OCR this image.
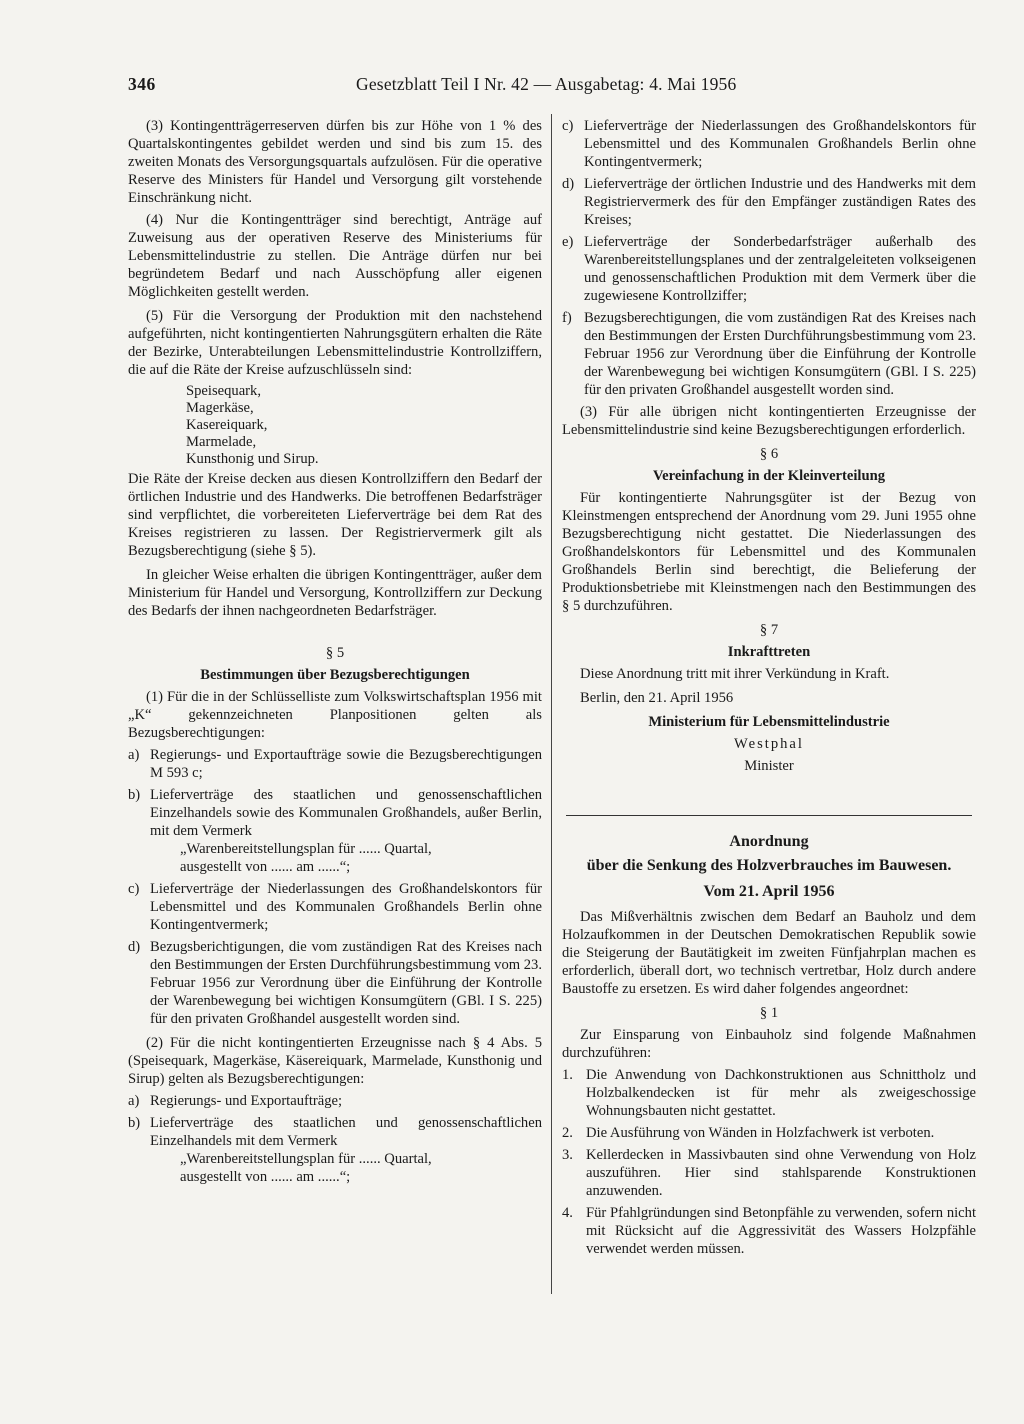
346	Gesetzblatt Teil I Nr. 42 — Ausgabetag: 4. Mai 1956

(3) Kontingentträgerreserven dürfen bis zur Höhe von 1 % des Quartalskontingentes gebildet werden und sind bis zum 15. des zweiten Monats des Versorgungsquartals aufzulösen. Für die operative Reserve des Ministers für Handel und Versorgung gilt vorstehende Einschränkung nicht.

(4) Nur die Kontingentträger sind berechtigt, Anträge auf Zuweisung aus der operativen Reserve des Ministeriums für Lebensmittelindustrie zu stellen. Die Anträge dürfen nur bei begründetem Bedarf und nach Ausschöpfung aller eigenen Möglichkeiten gestellt werden.

(5) Für die Versorgung der Produktion mit den nachstehend aufgeführten, nicht kontingentierten Nahrungsgütern erhalten die Räte der Bezirke, Unterabteilungen Lebensmittelindustrie Kontrollziffern, die auf die Räte der Kreise aufzuschlüsseln sind:

Speisequark,
Magerkäse,
Kasereiquark,
Marmelade,
Kunsthonig und Sirup.

Die Räte der Kreise decken aus diesen Kontrollziffern den Bedarf der örtlichen Industrie und des Handwerks. Die betroffenen Bedarfsträger sind verpflichtet, die vorbereiteten Lieferverträge bei dem Rat des Kreises registrieren zu lassen. Der Registriervermerk gilt als Bezugsberechtigung (siehe § 5).

In gleicher Weise erhalten die übrigen Kontingentträger, außer dem Ministerium für Handel und Versorgung, Kontrollziffern zur Deckung des Bedarfs der ihnen nachgeordneten Bedarfsträger.

§ 5

Bestimmungen über Bezugsberechtigungen

(1) Für die in der Schlüsselliste zum Volkswirtschaftsplan 1956 mit „K“ gekennzeichneten Planpositionen gelten als Bezugsberechtigungen:

a) Regierungs- und Exportaufträge sowie die Bezugsberechtigungen M 593 c;
b) Lieferverträge des staatlichen und genossenschaftlichen Einzelhandels sowie des Kommunalen Großhandels, außer Berlin, mit dem Vermerk
„Warenbereitstellungsplan für ...... Quartal,
ausgestellt von ...... am ......“;
c) Lieferverträge der Niederlassungen des Großhandelskontors für Lebensmittel und des Kommunalen Großhandels Berlin ohne Kontingentvermerk;
d) Bezugsberichtigungen, die vom zuständigen Rat des Kreises nach den Bestimmungen der Ersten Durchführungsbestimmung vom 23. Februar 1956 zur Verordnung über die Einführung der Kontrolle der Warenbewegung bei wichtigen Konsumgütern (GBl. I S. 225) für den privaten Großhandel ausgestellt worden sind.

(2) Für die nicht kontingentierten Erzeugnisse nach § 4 Abs. 5 (Speisequark, Magerkäse, Käsereiquark, Marmelade, Kunsthonig und Sirup) gelten als Bezugsberechtigungen:

a) Regierungs- und Exportaufträge;
b) Lieferverträge des staatlichen und genossenschaftlichen Einzelhandels mit dem Vermerk
„Warenbereitstellungsplan für ...... Quartal,
ausgestellt von ...... am ......“;
c) Lieferverträge der Niederlassungen des Großhandelskontors für Lebensmittel und des Kommunalen Großhandels Berlin ohne Kontingentvermerk;
d) Lieferverträge der örtlichen Industrie und des Handwerks mit dem Registriervermerk des für den Empfänger zuständigen Rates des Kreises;
e) Lieferverträge der Sonderbedarfsträger außerhalb des Warenbereitstellungsplanes und der zentralgeleiteten volkseigenen und genossenschaftlichen Produktion mit dem Vermerk über die zugewiesene Kontrollziffer;
f) Bezugsberechtigungen, die vom zuständigen Rat des Kreises nach den Bestimmungen der Ersten Durchführungsbestimmung vom 23. Februar 1956 zur Verordnung über die Einführung der Kontrolle der Warenbewegung bei wichtigen Konsumgütern (GBl. I S. 225) für den privaten Großhandel ausgestellt worden sind.

(3) Für alle übrigen nicht kontingentierten Erzeugnisse der Lebensmittelindustrie sind keine Bezugsberechtigungen erforderlich.

§ 6

Vereinfachung in der Kleinverteilung

Für kontingentierte Nahrungsgüter ist der Bezug von Kleinstmengen entsprechend der Anordnung vom 29. Juni 1955 ohne Bezugsberechtigung nicht gestattet. Die Niederlassungen des Großhandelskontors für Lebensmittel und des Kommunalen Großhandels Berlin sind berechtigt, die Belieferung der Produktionsbetriebe mit Kleinstmengen nach den Bestimmungen des § 5 durchzuführen.

§ 7

Inkrafttreten

Diese Anordnung tritt mit ihrer Verkündung in Kraft.

Berlin, den 21. April 1956

Ministerium für Lebensmittelindustrie

Westphal

Minister

Anordnung

über die Senkung des Holzverbrauches im Bauwesen.

Vom 21. April 1956

Das Mißverhältnis zwischen dem Bedarf an Bauholz und dem Holzaufkommen in der Deutschen Demokratischen Republik sowie die Steigerung der Bautätigkeit im zweiten Fünfjahrplan machen es erforderlich, überall dort, wo technisch vertretbar, Holz durch andere Baustoffe zu ersetzen. Es wird daher folgendes angeordnet:

§ 1

Zur Einsparung von Einbauholz sind folgende Maßnahmen durchzuführen:

1. Die Anwendung von Dachkonstruktionen aus Schnittholz und Holzbalkendecken ist für mehr als zweigeschossige Wohnungsbauten nicht gestattet.
2. Die Ausführung von Wänden in Holzfachwerk ist verboten.
3. Kellerdecken in Massivbauten sind ohne Verwendung von Holz auszuführen. Hier sind stahlsparende Konstruktionen anzuwenden.
4. Für Pfahlgründungen sind Betonpfähle zu verwenden, sofern nicht mit Rücksicht auf die Aggressivität des Wassers Holzpfähle verwendet werden müssen.
